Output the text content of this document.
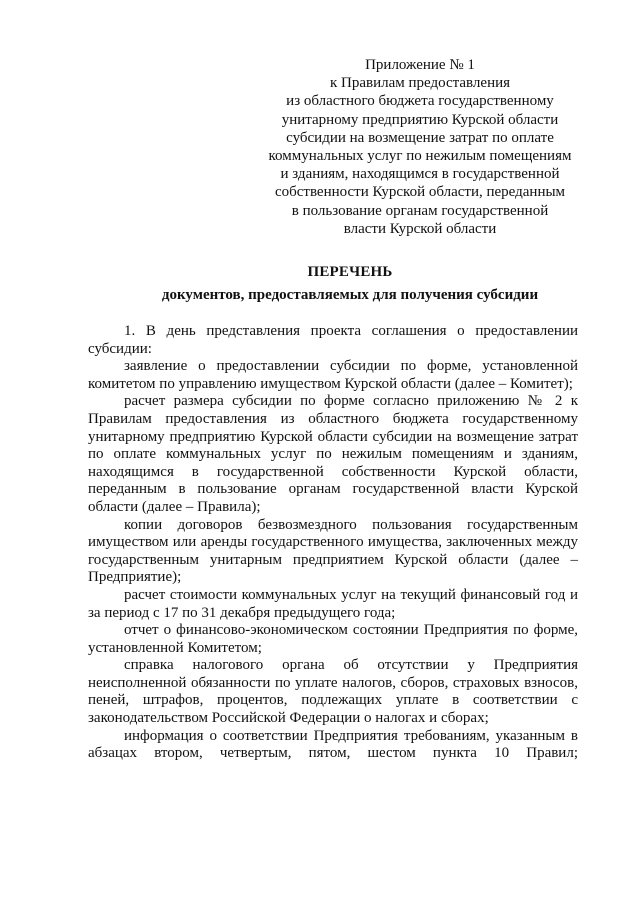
Приложение № 1
к Правилам предоставления
из областного бюджета государственному
унитарному предприятию Курской области
субсидии на возмещение затрат по оплате
коммунальных услуг по нежилым помещениям
и зданиям, находящимся в государственной
собственности Курской области, переданным
в пользование органам государственной
власти Курской области
ПЕРЕЧЕНЬ
документов, предоставляемых для получения субсидии

1. В день представления проекта соглашения о предоставлении субсидии:

заявление о предоставлении субсидии по форме, установленной комитетом по управлению имуществом Курской области (далее – Комитет);

расчет размера субсидии по форме согласно приложению № 2 к Правилам предоставления из областного бюджета государственному унитарному предприятию Курской области субсидии на возмещение затрат по оплате коммунальных услуг по нежилым помещениям и зданиям, находящимся в государственной собственности Курской области, переданным в пользование органам государственной власти Курской области (далее – Правила);

копии договоров безвозмездного пользования государственным имуществом или аренды государственного имущества, заключенных между государственным унитарным предприятием Курской области (далее – Предприятие);

расчет стоимости коммунальных услуг на текущий финансовый год и за период с 17 по 31 декабря предыдущего года;

отчет о финансово-экономическом состоянии Предприятия по форме, установленной Комитетом;

справка налогового органа об отсутствии у Предприятия неисполненной обязанности по уплате налогов, сборов, страховых взносов, пеней, штрафов, процентов, подлежащих уплате в соответствии с законодательством Российской Федерации о налогах и сборах;

информация о соответствии Предприятия требованиям, указанным в абзацах втором, четвертым, пятом, шестом пункта 10 Правил;
